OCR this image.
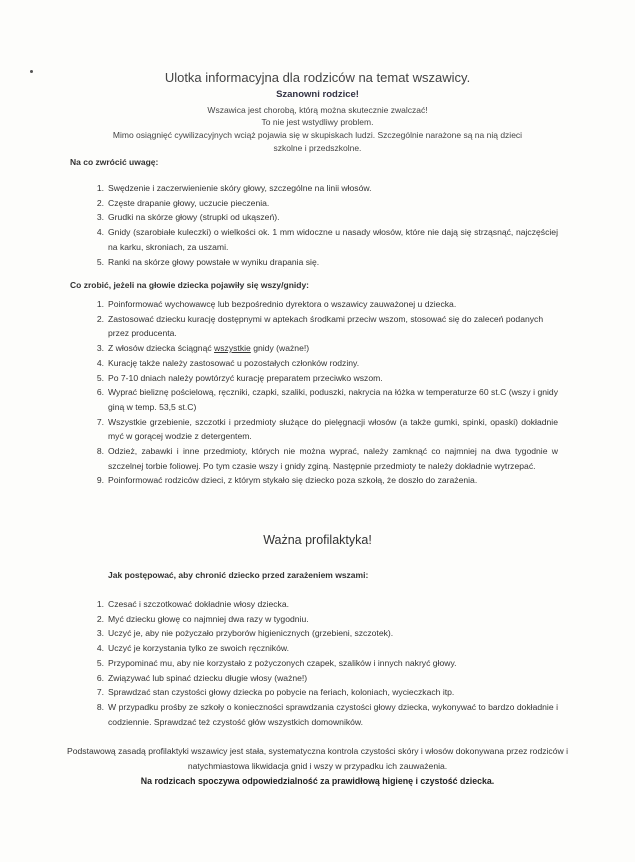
Ulotka informacyjna dla rodziców na temat wszawicy.
Szanowni rodzice!
Wszawica jest chorobą, którą można skutecznie zwalczać!
To nie jest wstydliwy problem.
Mimo osiągnięć cywilizacyjnych wciąż pojawia się w skupiskach ludzi. Szczególnie narażone są na nią dzieci
szkolne i przedszkolne.
Na co zwrócić uwagę:
1. Swędzenie i zaczerwienienie skóry głowy, szczególne na linii włosów.
2. Częste drapanie głowy, uczucie pieczenia.
3. Grudki na skórze głowy (strupki od ukąszeń).
4. Gnidy (szarobiałe kuleczki) o wielkości ok. 1 mm widoczne u nasady włosów, które nie dają się strząsnąć, najczęściej na karku, skroniach, za uszami.
5. Ranki na skórze głowy powstałe w wyniku drapania się.
Co zrobić, jeżeli na głowie dziecka pojawiły się wszy/gnidy:
1. Poinformować wychowawcę lub bezpośrednio dyrektora o wszawicy zauważonej u dziecka.
2. Zastosować dziecku kurację dostępnymi w aptekach środkami przeciw wszom, stosować się do zaleceń podanych przez producenta.
3. Z włosów dziecka ściągnąć wszystkie gnidy (ważne!)
4. Kurację także należy zastosować u pozostałych członków rodziny.
5. Po 7-10 dniach należy powtórzyć kurację preparatem przeciwko wszom.
6. Wyprać bieliznę pościelową, ręczniki, czapki, szaliki, poduszki, nakrycia na łóżka w temperaturze 60 st.C (wszy i gnidy giną w temp. 53,5 st.C)
7. Wszystkie grzebienie, szczotki i przedmioty służące do pielęgnacji włosów (a także gumki, spinki, opaski) dokładnie myć w gorącej wodzie z detergentem.
8. Odzież, zabawki i inne przedmioty, których nie można wyprać, należy zamknąć co najmniej na dwa tygodnie w szczelnej torbie foliowej. Po tym czasie wszy i gnidy zginą. Następnie przedmioty te należy dokładnie wytrzepać.
9. Poinformować rodziców dzieci, z którym stykało się dziecko poza szkołą, że doszło do zarażenia.
Ważna profilaktyka!
Jak postępować, aby chronić dziecko przed zarażeniem wszami:
1. Czesać i szczotkować dokładnie włosy dziecka.
2. Myć dziecku głowę co najmniej dwa razy w tygodniu.
3. Uczyć je, aby nie pożyczało przyborów higienicznych (grzebieni, szczotek).
4. Uczyć je korzystania tylko ze swoich ręczników.
5. Przypominać mu, aby nie korzystało z pożyczonych czapek, szalików i innych nakryć głowy.
6. Związywać lub spinać dziecku długie włosy (ważne!)
7. Sprawdzać stan czystości głowy dziecka po pobycie na feriach, koloniach, wycieczkach itp.
8. W przypadku prośby ze szkoły o konieczności sprawdzania czystości głowy dziecka, wykonywać to bardzo dokładnie i codziennie. Sprawdzać też czystość głów wszystkich domowników.
Podstawową zasadą profilaktyki wszawicy jest stała, systematyczna kontrola czystości skóry i włosów dokonywana przez rodziców i natychmiastowa likwidacja gnid i wszy w przypadku ich zauważenia.
Na rodzicach spoczywa odpowiedzialność za prawidłową higienę i czystość dziecka.
